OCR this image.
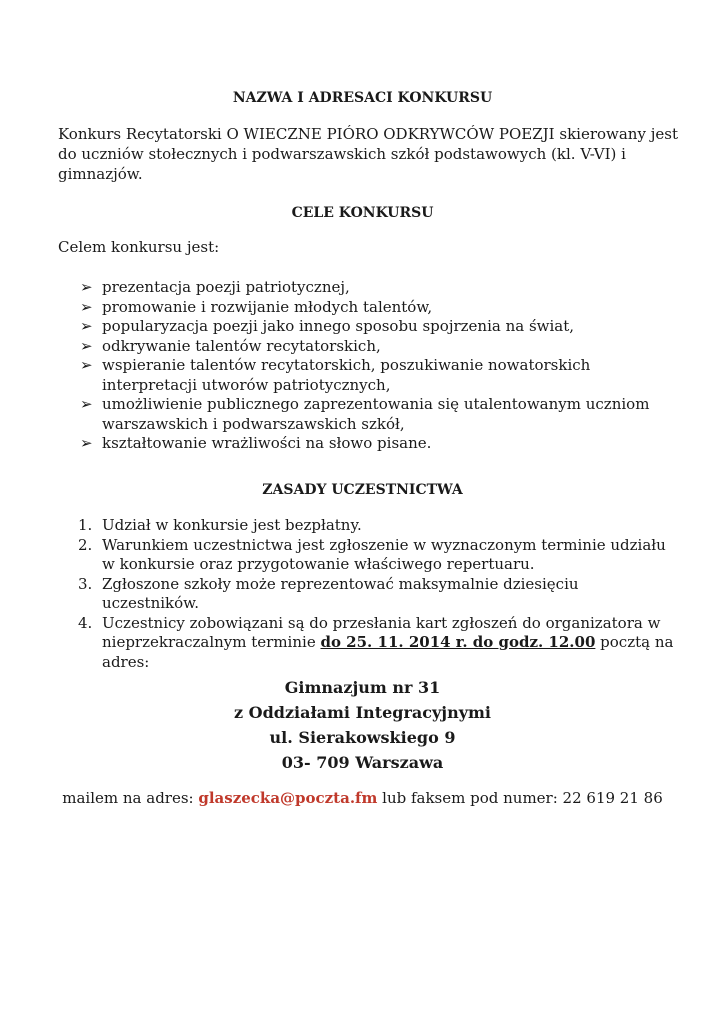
NAZWA I ADRESACI KONKURSU

Konkurs Recytatorski O WIECZNE PIÓRO ODKRYWCÓW POEZJI skierowany jest do uczniów stołecznych i podwarszawskich szkół podstawowych (kl. V-VI) i gimnazjów.

CELE KONKURSU

Celem konkursu jest:

➢ prezentacja poezji patriotycznej,
➢ promowanie i rozwijanie młodych talentów,
➢ popularyzacja poezji jako innego sposobu spojrzenia na świat,
➢ odkrywanie talentów recytatorskich,
➢ wspieranie talentów recytatorskich, poszukiwanie nowatorskich interpretacji utworów patriotycznych,
➢ umożliwienie publicznego zaprezentowania się utalentowanym uczniom warszawskich i podwarszawskich szkół,
➢ kształtowanie wrażliwości na słowo pisane.
ZASADY UCZESTNICTWA
1. Udział w konkursie jest bezpłatny.
2. Warunkiem uczestnictwa jest zgłoszenie w wyznaczonym terminie udziału w konkursie oraz przygotowanie właściwego repertuaru.
3. Zgłoszone szkoły może reprezentować maksymalnie dziesięciu uczestników.
4. Uczestnicy zobowiązani są do przesłania kart zgłoszeń do organizatora w nieprzekraczalnym terminie do 25. 11. 2014 r. do godz. 12.00 pocztą na adres:

Gimnazjum nr 31

z Oddziałami Integracyjnymi

ul. Sierakowskiego 9

03- 709 Warszawa

mailem na adres: glaszecka@poczta.fm lub faksem pod numer: 22 619 21 86
